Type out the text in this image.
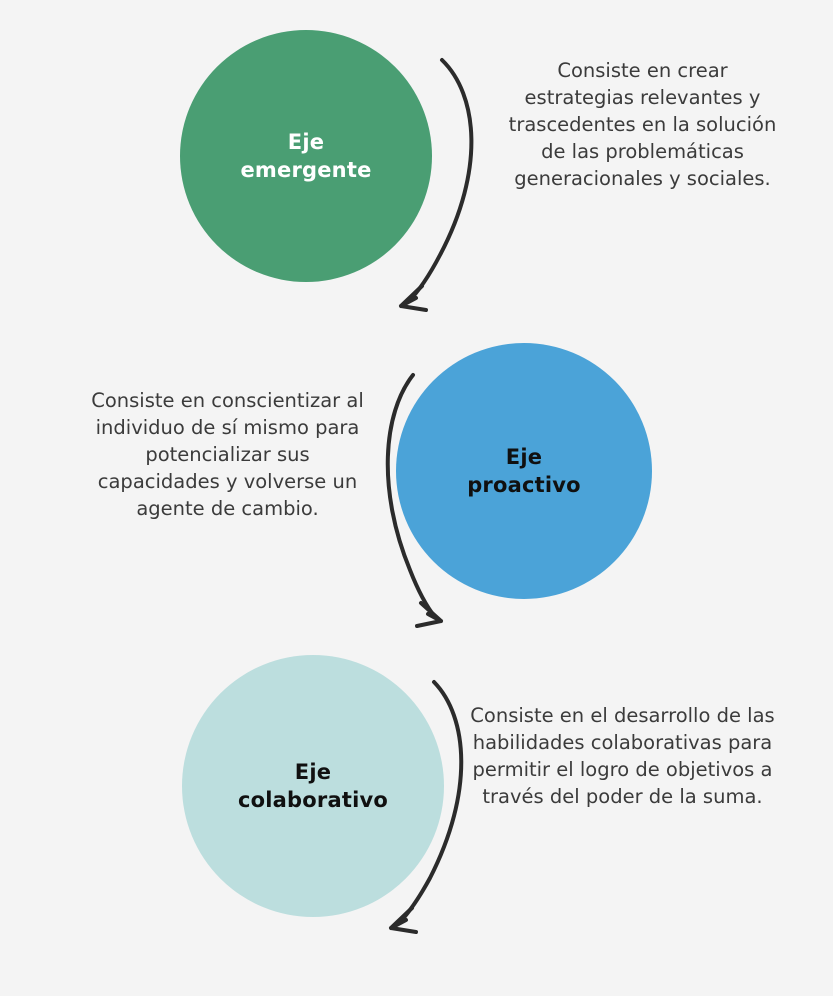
Eje
emergente
Consiste en crear estrategias relevantes y trascedentes en la solución de las problemáticas generacionales y sociales.
Eje
proactivo
Consiste en conscientizar al individuo de sí mismo para potencializar sus capacidades y volverse un agente de cambio.
Eje
colaborativo
Consiste en el desarrollo de las habilidades colaborativas para permitir el logro de objetivos a través del poder de la suma.
